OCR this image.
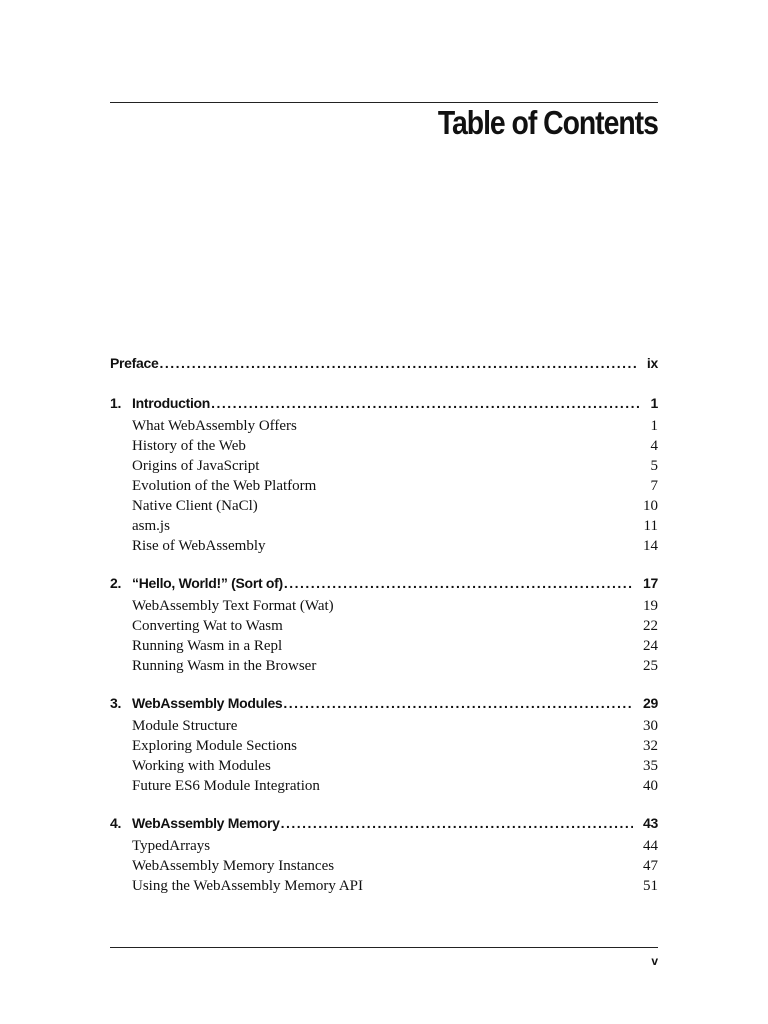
Table of Contents
Preface . . .	ix
1. Introduction . . .	1
What WebAssembly Offers	1
History of the Web	4
Origins of JavaScript	5
Evolution of the Web Platform	7
Native Client (NaCl)	10
asm.js	11
Rise of WebAssembly	14
2. “Hello, World!” (Sort of) . . .	17
WebAssembly Text Format (Wat)	19
Converting Wat to Wasm	22
Running Wasm in a Repl	24
Running Wasm in the Browser	25
3. WebAssembly Modules . . .	29
Module Structure	30
Exploring Module Sections	32
Working with Modules	35
Future ES6 Module Integration	40
4. WebAssembly Memory . . .	43
TypedArrays	44
WebAssembly Memory Instances	47
Using the WebAssembly Memory API	51
v
